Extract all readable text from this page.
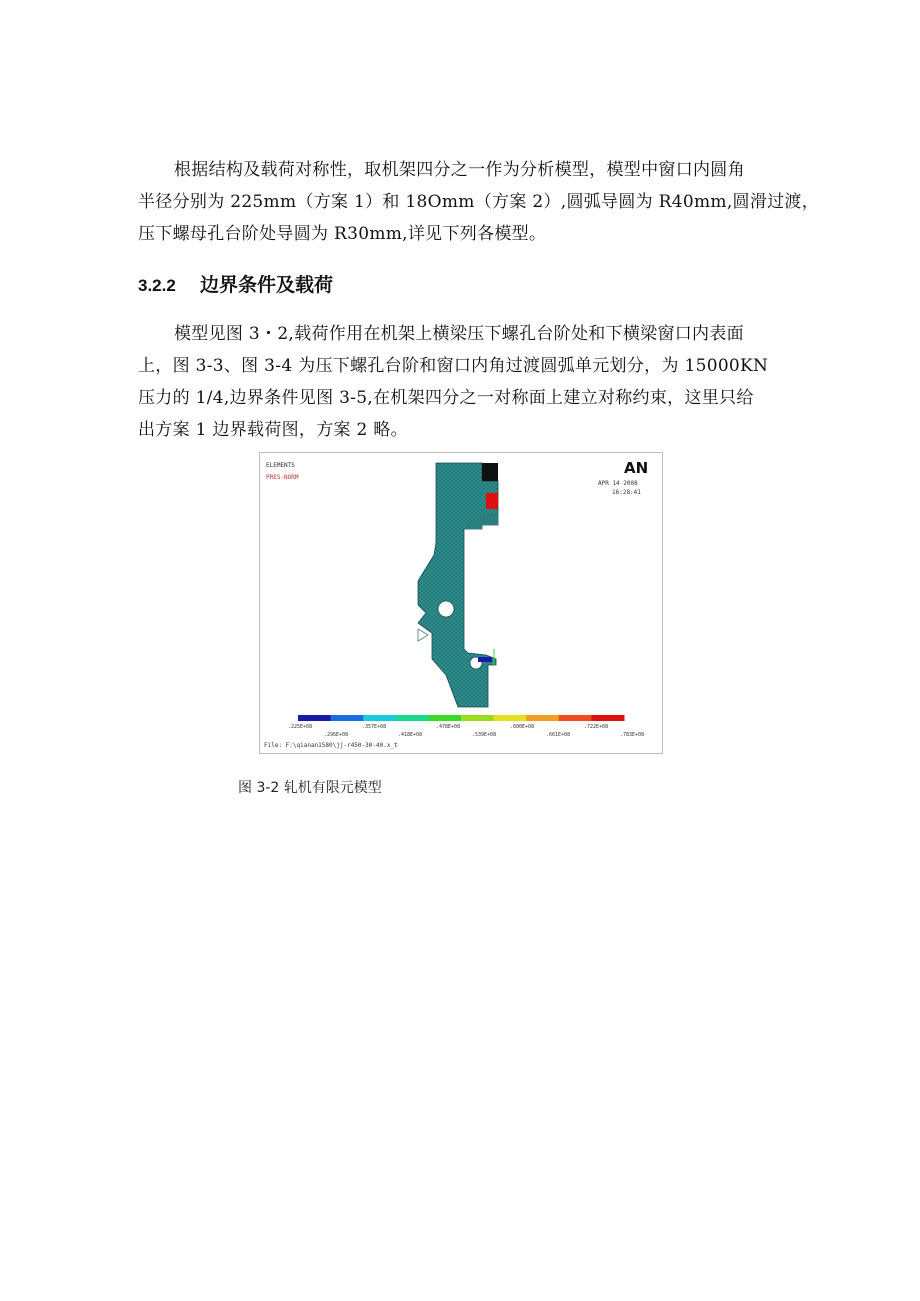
根据结构及载荷对称性，取机架四分之一作为分析模型，模型中窗口内圆角
半径分别为 225mm（方案 1）和 18Omm（方案 2）,圆弧导圆为 R40mm,圆滑过渡，
压下螺母孔台阶处导圆为 R30mm,详见下列各模型。

3.2.2 边界条件及载荷

模型见图 3・2,载荷作用在机架上横梁压下螺孔台阶处和下横梁窗口内表面
上，图 3-3、图 3-4 为压下螺孔台阶和窗口内角过渡圆弧单元划分，为 15000KN
压力的 1/4,边界条件见图 3-5,在机架四分之一对称面上建立对称约束，这里只给
出方案 1 边界载荷图，方案 2 略。

ELEMENTS
PRES-NORM
AN
APR 14 2008
16:28:41
.225E+08	.357E+08	.478E+08	.600E+08	.722E+08
.296E+08	.418E+08	.539E+08	.661E+08	.783E+08
File: F:\qianan1580\jj-r450-30-40.x_t

图 3-2 轧机有限元模型
